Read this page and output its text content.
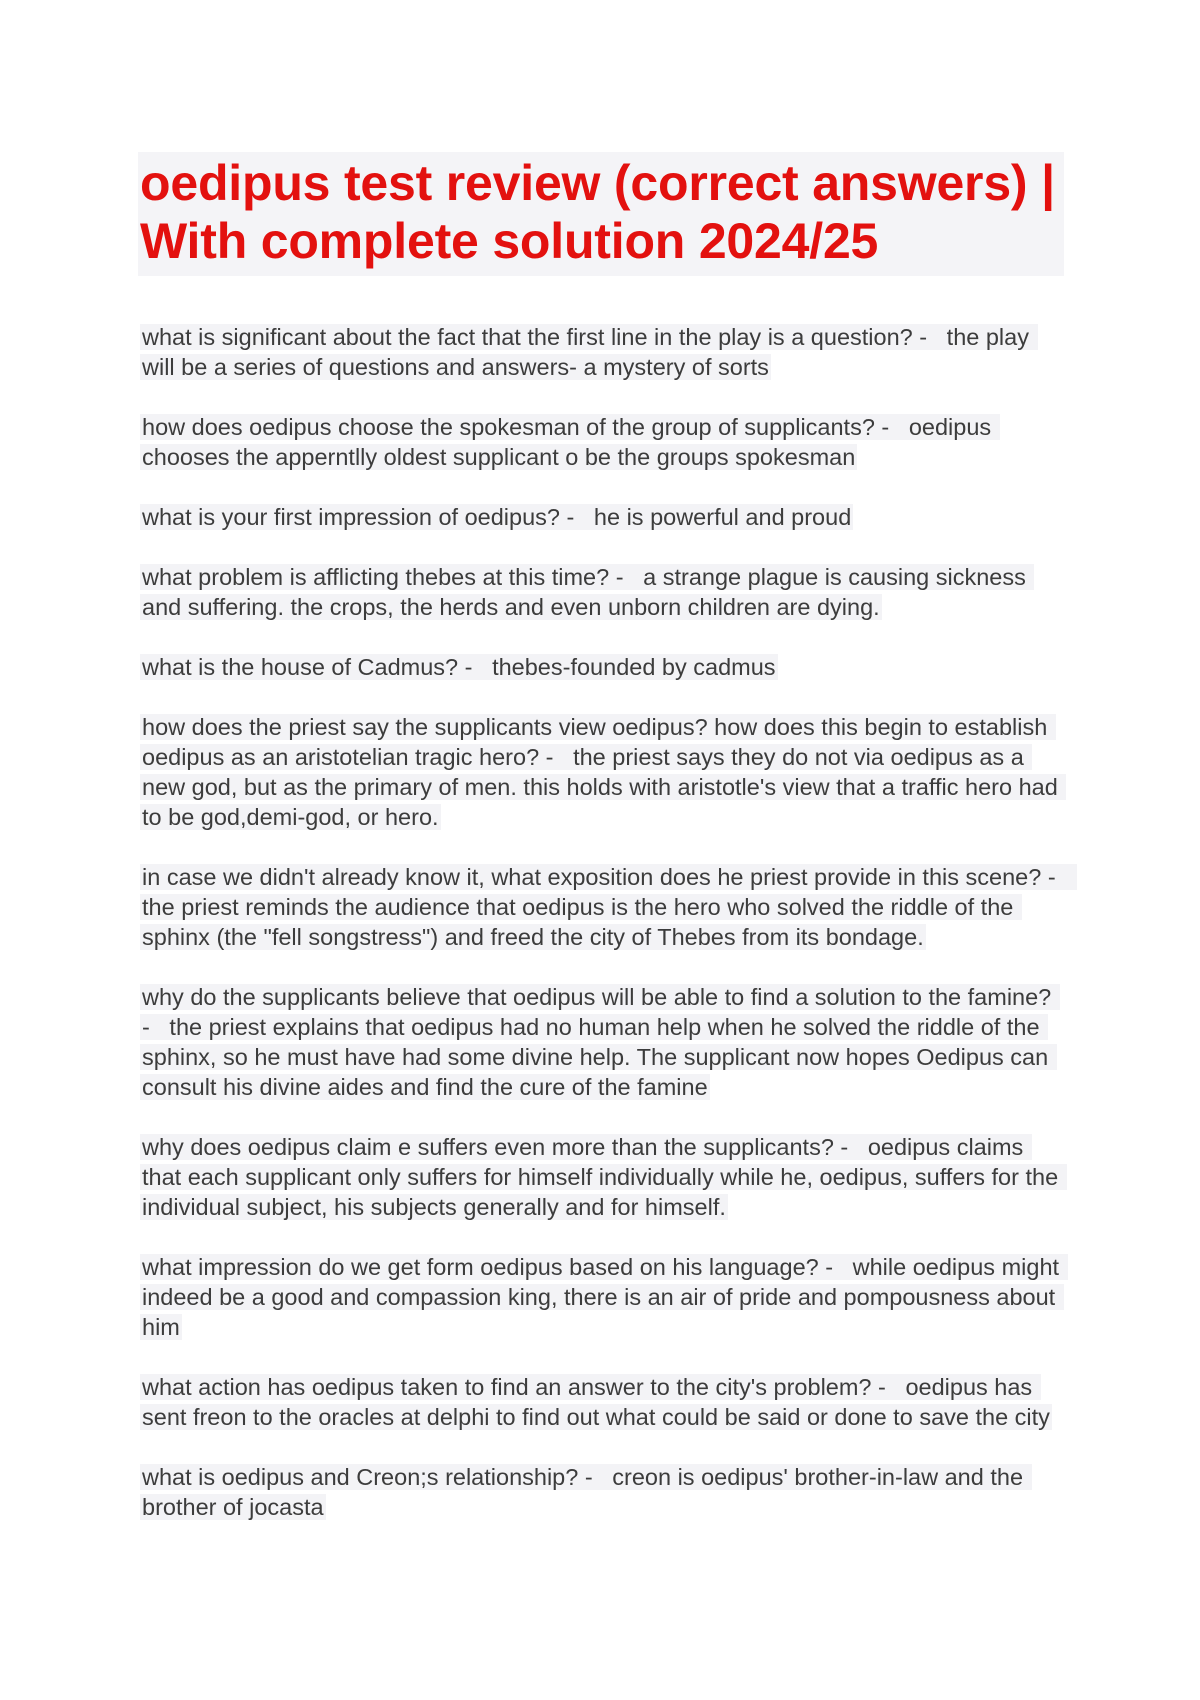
oedipus test review (correct answers) | With complete solution 2024/25

what is significant about the fact that the first line in the play is a question? -   the play will be a series of questions and answers- a mystery of sorts

how does oedipus choose the spokesman of the group of supplicants? -   oedipus chooses the apperntlly oldest supplicant o be the groups spokesman

what is your first impression of oedipus? -   he is powerful and proud

what problem is afflicting thebes at this time? -   a strange plague is causing sickness and suffering. the crops, the herds and even unborn children are dying.

what is the house of Cadmus? -   thebes-founded by cadmus

how does the priest say the supplicants view oedipus? how does this begin to establish oedipus as an aristotelian tragic hero? -   the priest says they do not via oedipus as a new god, but as the primary of men. this holds with aristotle's view that a traffic hero had to be god,demi-god, or hero.

in case we didn't already know it, what exposition does he priest provide in this scene? -   the priest reminds the audience that oedipus is the hero who solved the riddle of the sphinx (the "fell songstress") and freed the city of Thebes from its bondage.

why do the supplicants believe that oedipus will be able to find a solution to the famine? -   the priest explains that oedipus had no human help when he solved the riddle of the sphinx, so he must have had some divine help. The supplicant now hopes Oedipus can consult his divine aides and find the cure of the famine

why does oedipus claim e suffers even more than the supplicants? -   oedipus claims that each supplicant only suffers for himself individually while he, oedipus, suffers for the individual subject, his subjects generally and for himself.

what impression do we get form oedipus based on his language? -   while oedipus might indeed be a good and compassion king, there is an air of pride and pompousness about him

what action has oedipus taken to find an answer to the city's problem? -   oedipus has sent freon to the oracles at delphi to find out what could be said or done to save the city

what is oedipus and Creon;s relationship? -   creon is oedipus' brother-in-law and the brother of jocasta
